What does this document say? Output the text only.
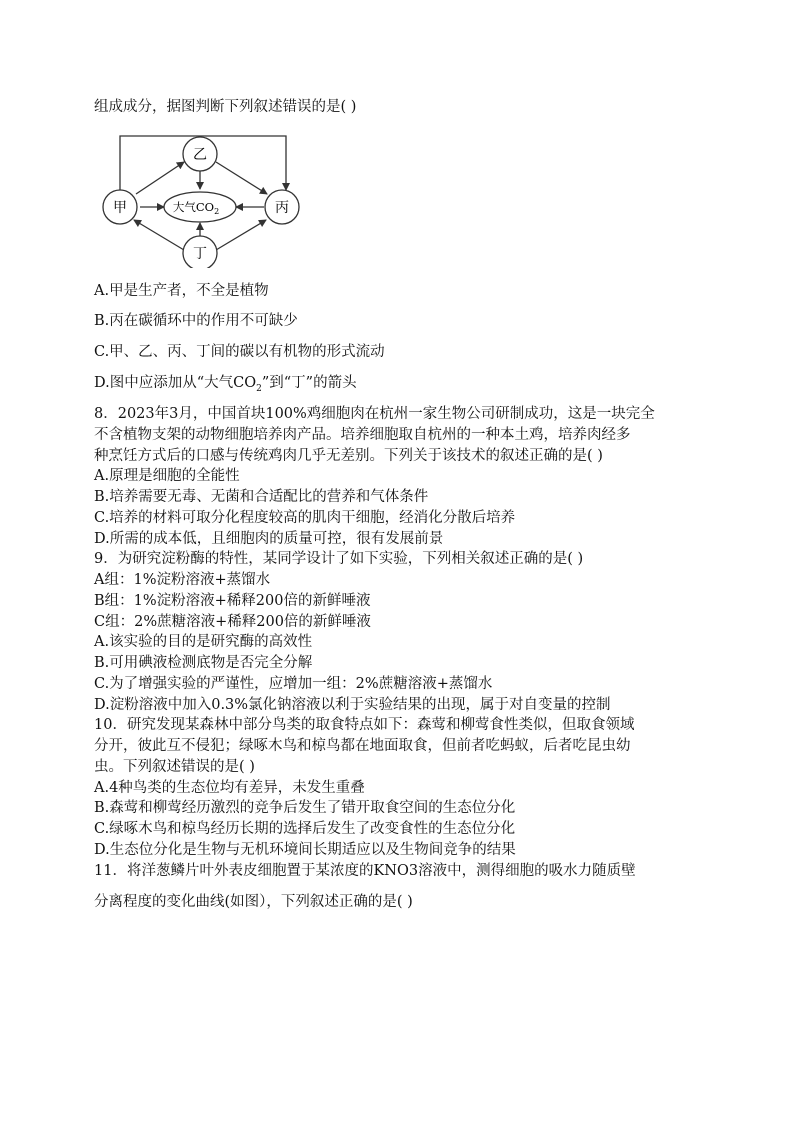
组成成分，据图判断下列叙述错误的是( )
甲
乙
丙
丁
大气$CO_2$
A.甲是生产者，不全是植物
B.丙在碳循环中的作用不可缺少
C.甲、乙、丙、丁间的碳以有机物的形式流动
D.图中应添加从“大气$CO_2$”到“丁”的箭头
8．2023年3月，中国首块100%鸡细胞肉在杭州一家生物公司研制成功，这是一块完全
不含植物支架的动物细胞培养肉产品。培养细胞取自杭州的一种本土鸡，培养肉经多
种烹饪方式后的口感与传统鸡肉几乎无差别。下列关于该技术的叙述正确的是( )
A.原理是细胞的全能性
B.培养需要无毒、无菌和合适配比的营养和气体条件
C.培养的材料可取分化程度较高的肌肉干细胞，经消化分散后培养
D.所需的成本低，且细胞肉的质量可控，很有发展前景
9．为研究淀粉酶的特性，某同学设计了如下实验，下列相关叙述正确的是( )
A组：1%淀粉溶液+蒸馏水
B组：1%淀粉溶液+稀释200倍的新鲜唾液
C组：2%蔗糖溶液+稀释200倍的新鲜唾液
A.该实验的目的是研究酶的高效性
B.可用碘液检测底物是否完全分解
C.为了增强实验的严谨性，应增加一组：2%蔗糖溶液+蒸馏水
D.淀粉溶液中加入0.3%氯化钠溶液以利于实验结果的出现，属于对自变量的控制
10．研究发现某森林中部分鸟类的取食特点如下：森莺和柳莺食性类似，但取食领域
分开，彼此互不侵犯；绿啄木鸟和椋鸟都在地面取食，但前者吃蚂蚁，后者吃昆虫幼
虫。下列叙述错误的是( )
A.4种鸟类的生态位均有差异，未发生重叠
B.森莺和柳莺经历激烈的竞争后发生了错开取食空间的生态位分化
C.绿啄木鸟和椋鸟经历长期的选择后发生了改变食性的生态位分化
D.生态位分化是生物与无机环境间长期适应以及生物间竞争的结果
11．将洋葱鳞片叶外表皮细胞置于某浓度的KNO3溶液中，测得细胞的吸水力随质壁
分离程度的变化曲线(如图），下列叙述正确的是( )
